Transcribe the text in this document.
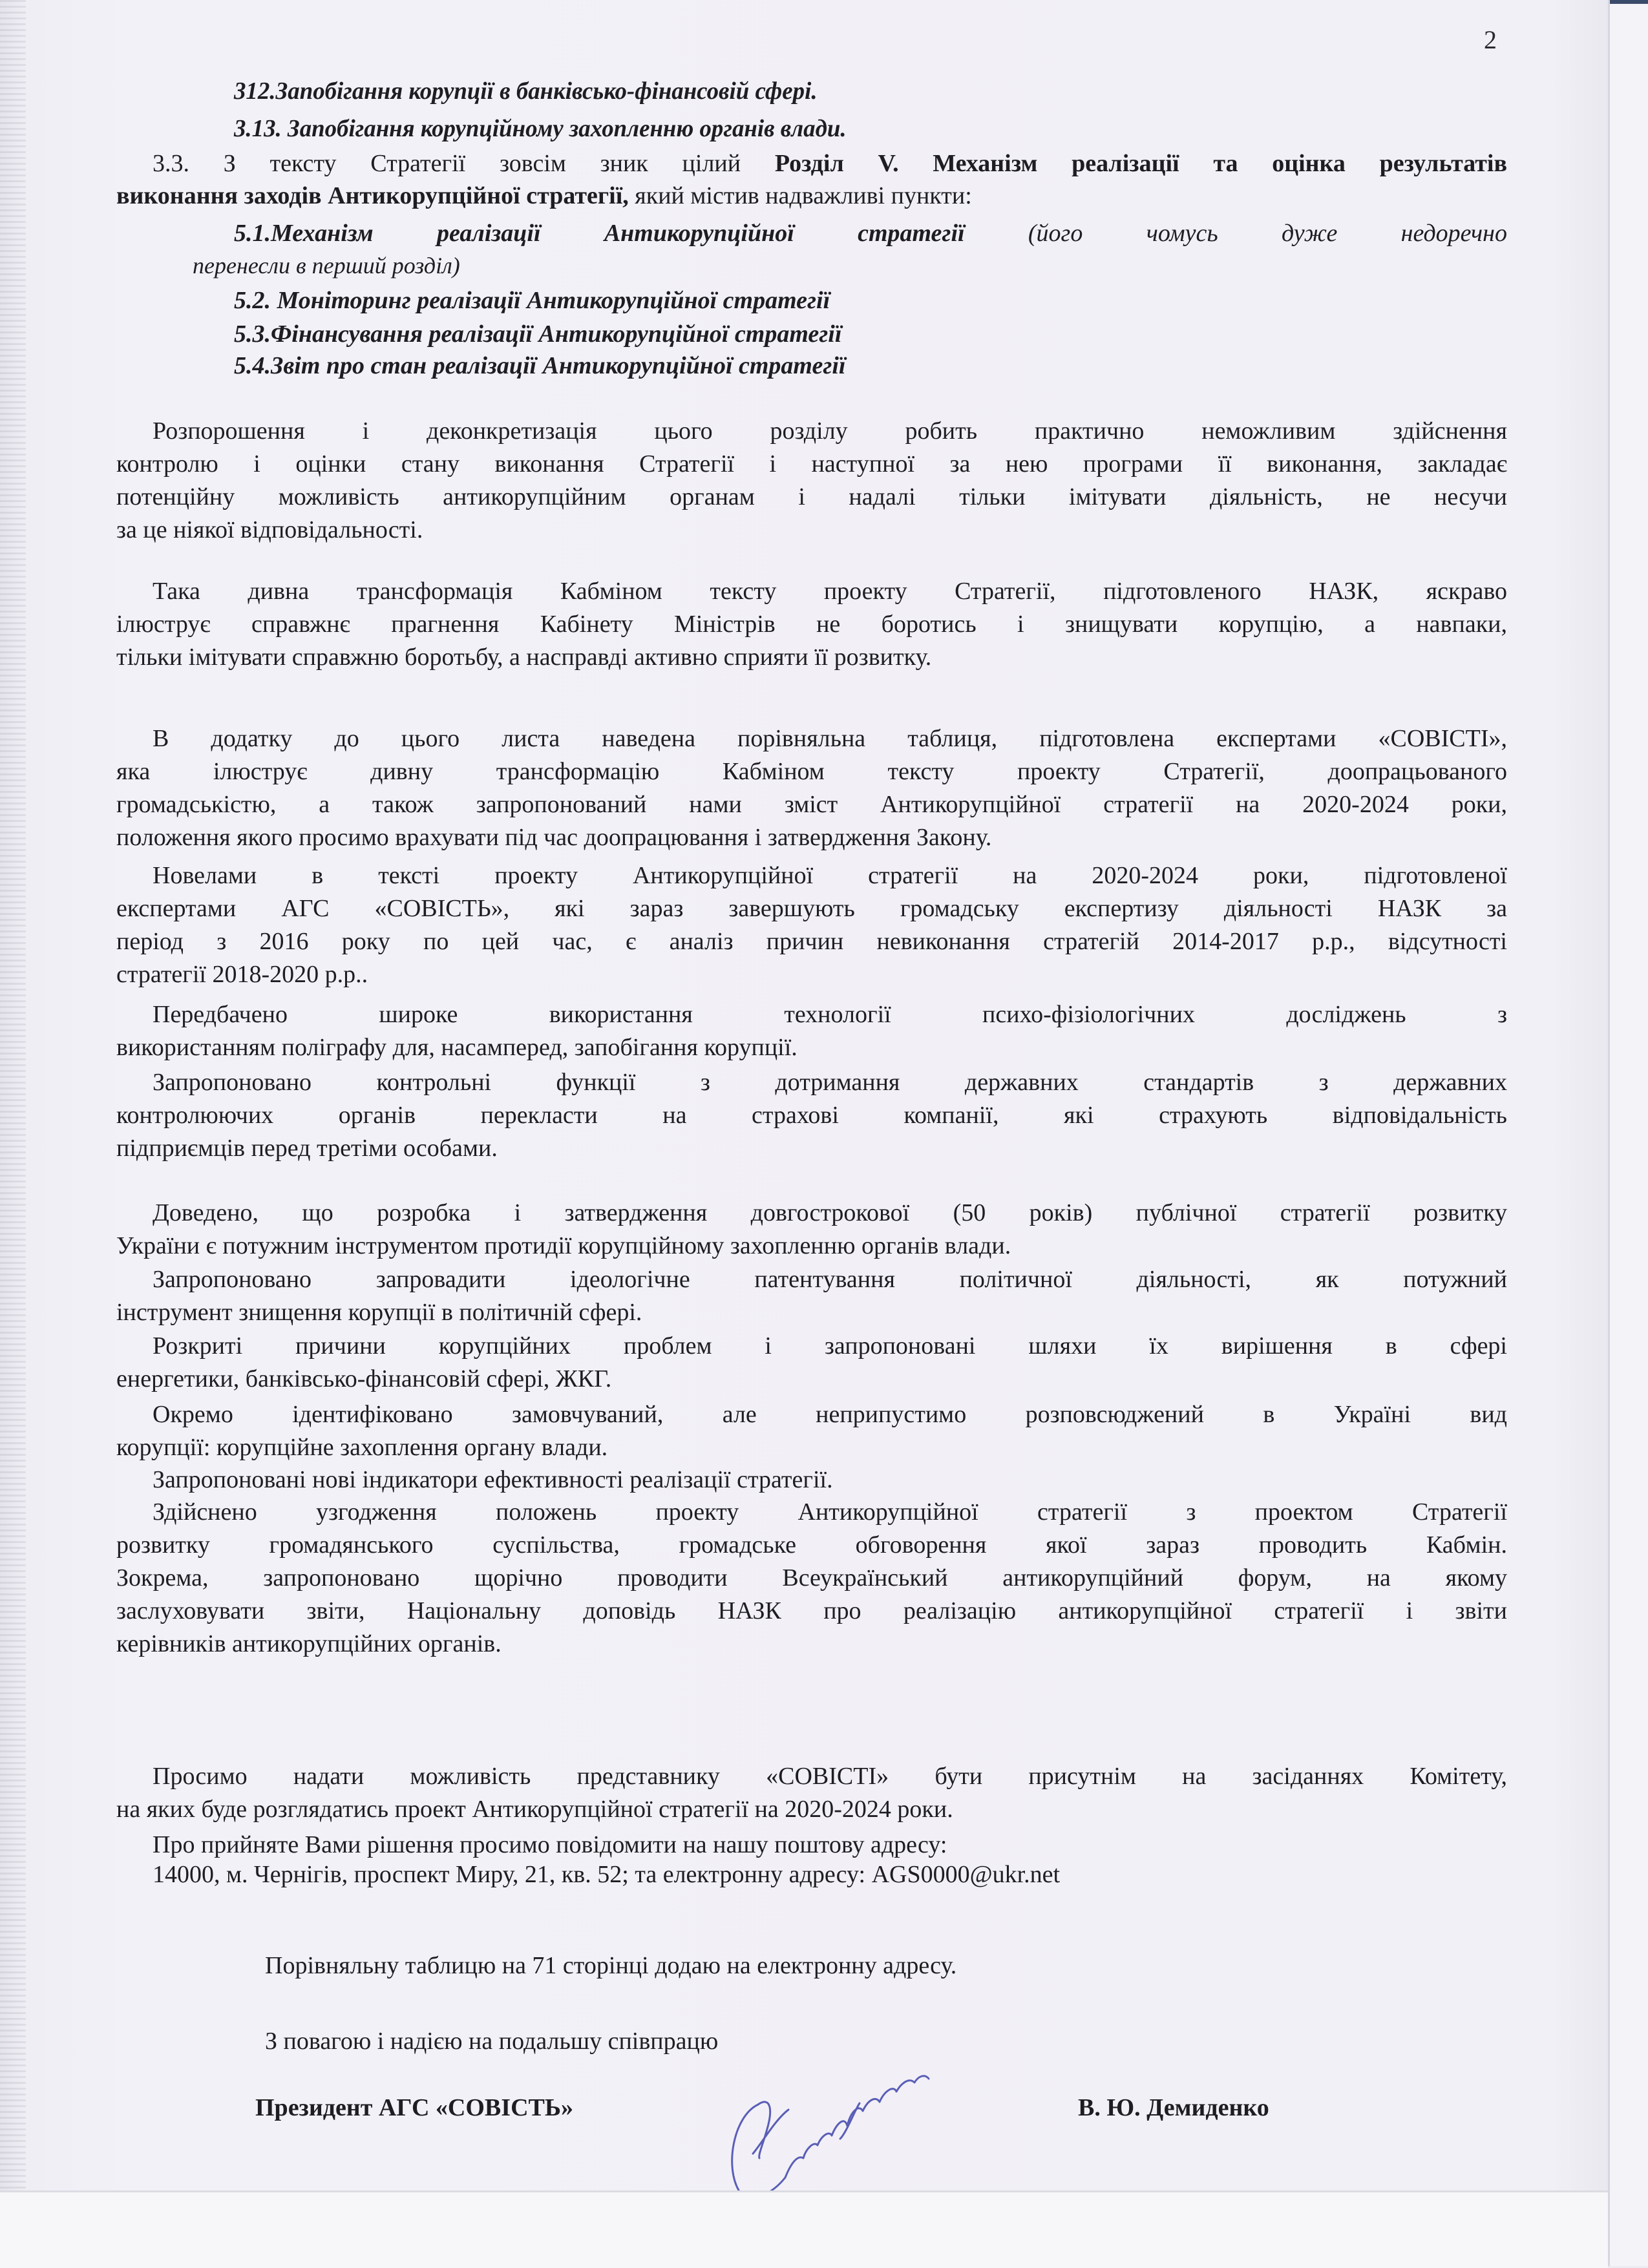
2
312.Запобігання корупції в банківсько-фінансовій сфері.
3.13. Запобігання корупційному захопленню органів влади.
3.3. З тексту Стратегії зовсім зник цілий Розділ V. Механізм реалізації та оцінка результатів
виконання заходів Антикорупційної стратегії, який містив надважливі пункти:
5.1.Механізм реалізації Антикорупційної стратегії	(його чомусь дуже недоречно
перенесли в перший розділ)
5.2. Моніторинг реалізації Антикорупційної стратегії
5.3.Фінансування реалізації Антикорупційної стратегії
5.4.Звіт про стан реалізації Антикорупційної стратегії
Розпорошення і деконкретизація цього розділу робить практично неможливим здійснення
контролю і оцінки стану виконання Стратегії і наступної за нею програми її виконання, закладає
потенційну можливість антикорупційним органам і надалі тільки імітувати діяльність, не несучи
за це ніякої відповідальності.
Така дивна трансформація Кабміном тексту проекту Стратегії, підготовленого НАЗК, яскраво
ілюструє справжнє прагнення Кабінету Міністрів не боротись і знищувати корупцію, а навпаки,
тільки імітувати справжню боротьбу, а насправді активно сприяти її розвитку.
В додатку до цього листа наведена порівняльна таблиця, підготовлена експертами «СОВІСТІ»,
яка ілюструє дивну трансформацію Кабміном тексту проекту Стратегії, доопрацьованого
громадськістю, а також запропонований нами зміст Антикорупційної стратегії на 2020-2024 роки,
положення якого просимо врахувати під час доопрацювання і затвердження Закону.
Новелами в тексті проекту Антикорупційної стратегії на 2020-2024 роки, підготовленої
експертами АГС «СОВІСТЬ», які зараз завершують громадську експертизу діяльності НАЗК за
період з 2016 року по цей час, є аналіз причин невиконання стратегій 2014-2017 р.р., відсутності
стратегії 2018-2020 р.р..
Передбачено широке використання технології психо-фізіологічних досліджень з
використанням поліграфу для, насамперед, запобігання корупції.
Запропоновано контрольні функції з дотримання державних стандартів з державних
контролюючих органів перекласти на страхові компанії, які страхують відповідальність
підприємців перед третіми особами.
Доведено, що розробка і затвердження довгострокової (50 років) публічної стратегії розвитку
України є потужним інструментом протидії корупційному захопленню органів влади.
Запропоновано запровадити ідеологічне патентування політичної діяльності, як потужний
інструмент знищення корупції в політичній сфері.
Розкриті причини корупційних проблем і запропоновані шляхи їх вирішення в сфері
енергетики, банківсько-фінансовій сфері, ЖКГ.
Окремо ідентифіковано замовчуваний, але неприпустимо розповсюджений в Україні вид
корупції: корупційне захоплення органу влади.
Запропоновані нові індикатори ефективності реалізації стратегії.
Здійснено узгодження положень проекту Антикорупційної стратегії з проектом Стратегії
розвитку громадянського суспільства, громадське обговорення якої зараз проводить Кабмін.
Зокрема, запропоновано щорічно проводити Всеукраїнський антикорупційний форум, на якому
заслуховувати звіти, Національну доповідь НАЗК про реалізацію антикорупційної стратегії і звіти
керівників антикорупційних органів.
Просимо надати можливість представнику «СОВІСТІ» бути присутнім на засіданнях Комітету,
на яких буде розглядатись проект Антикорупційної стратегії на 2020-2024 роки.
Про прийняте Вами рішення просимо повідомити на нашу поштову адресу:
14000, м. Чернігів, проспект Миру, 21, кв. 52; та електронну адресу: AGS0000@ukr.net
Порівняльну таблицю на 71 сторінці додаю на електронну адресу.
З повагою і надією на подальшу співпрацю
Президент АГС «СОВІСТЬ»	В. Ю. Демиденко
